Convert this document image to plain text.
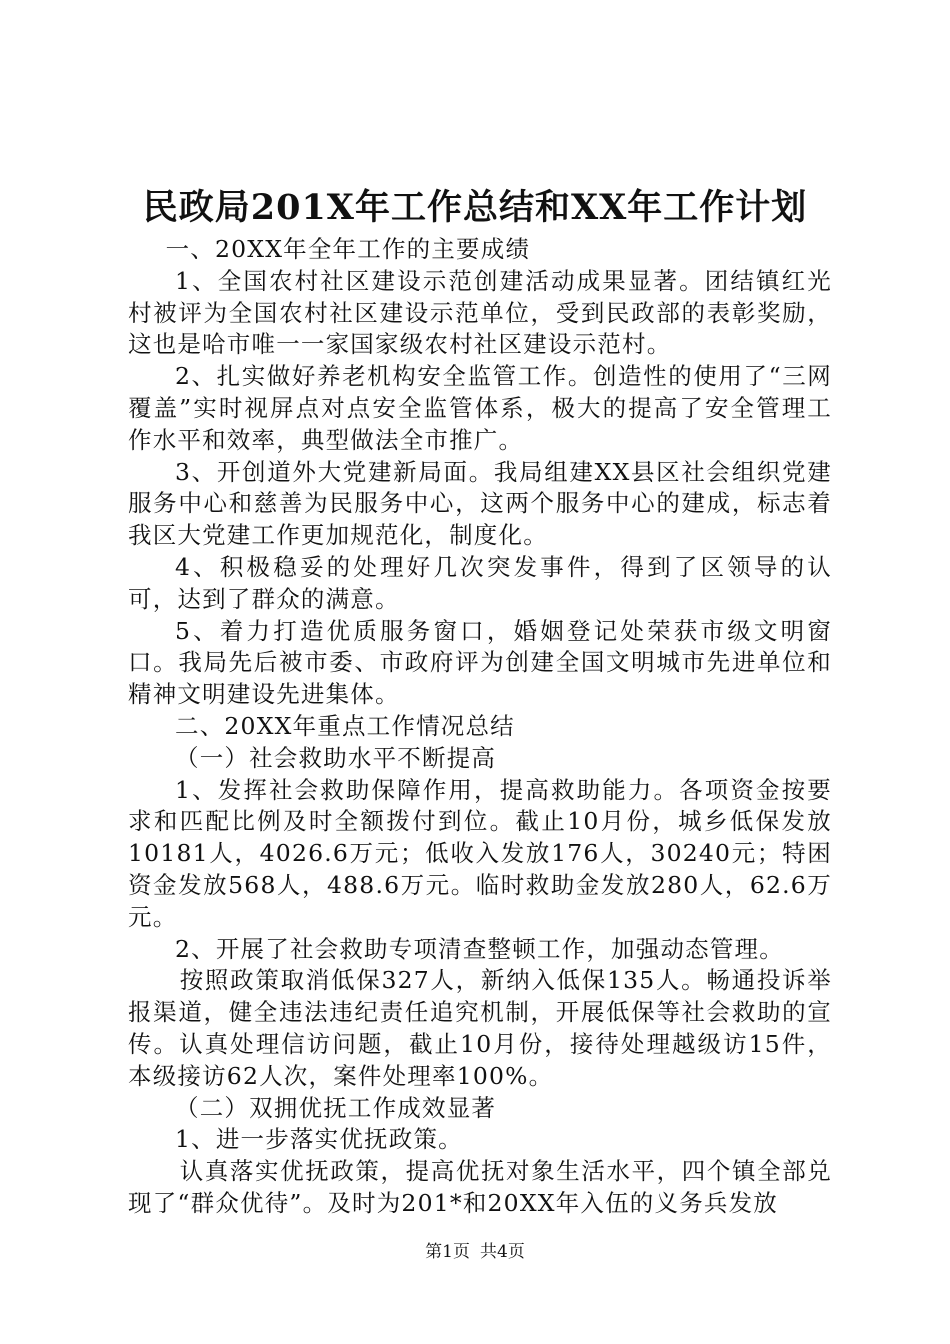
民政局201X年工作总结和XX年工作计划

一、20XX年全年工作的主要成绩

1、全国农村社区建设示范创建活动成果显著。团结镇红光村被评为全国农村社区建设示范单位，受到民政部的表彰奖励，这也是哈市唯一一家国家级农村社区建设示范村。

2、扎实做好养老机构安全监管工作。创造性的使用了“三网覆盖”实时视屏点对点安全监管体系，极大的提高了安全管理工作水平和效率，典型做法全市推广。

3、开创道外大党建新局面。我局组建XX县区社会组织党建服务中心和慈善为民服务中心，这两个服务中心的建成，标志着我区大党建工作更加规范化，制度化。

4、积极稳妥的处理好几次突发事件，得到了区领导的认可，达到了群众的满意。

5、着力打造优质服务窗口，婚姻登记处荣获市级文明窗口。我局先后被市委、市政府评为创建全国文明城市先进单位和精神文明建设先进集体。

二、20XX年重点工作情况总结

（一）社会救助水平不断提高

1、发挥社会救助保障作用，提高救助能力。各项资金按要求和匹配比例及时全额拨付到位。截止10月份，城乡低保发放10181人，4026.6万元；低收入发放176人，30240元；特困资金发放568人，488.6万元。临时救助金发放280人，62.6万元。

2、开展了社会救助专项清查整顿工作，加强动态管理。

按照政策取消低保327人，新纳入低保135人。畅通投诉举报渠道，健全违法违纪责任追究机制，开展低保等社会救助的宣传。认真处理信访问题，截止10月份，接待处理越级访15件，本级接访62人次，案件处理率100%。

（二）双拥优抚工作成效显著

1、进一步落实优抚政策。

认真落实优抚政策，提高优抚对象生活水平，四个镇全部兑现了“群众优待”。及时为201*和20XX年入伍的义务兵发放

第1页 共4页
